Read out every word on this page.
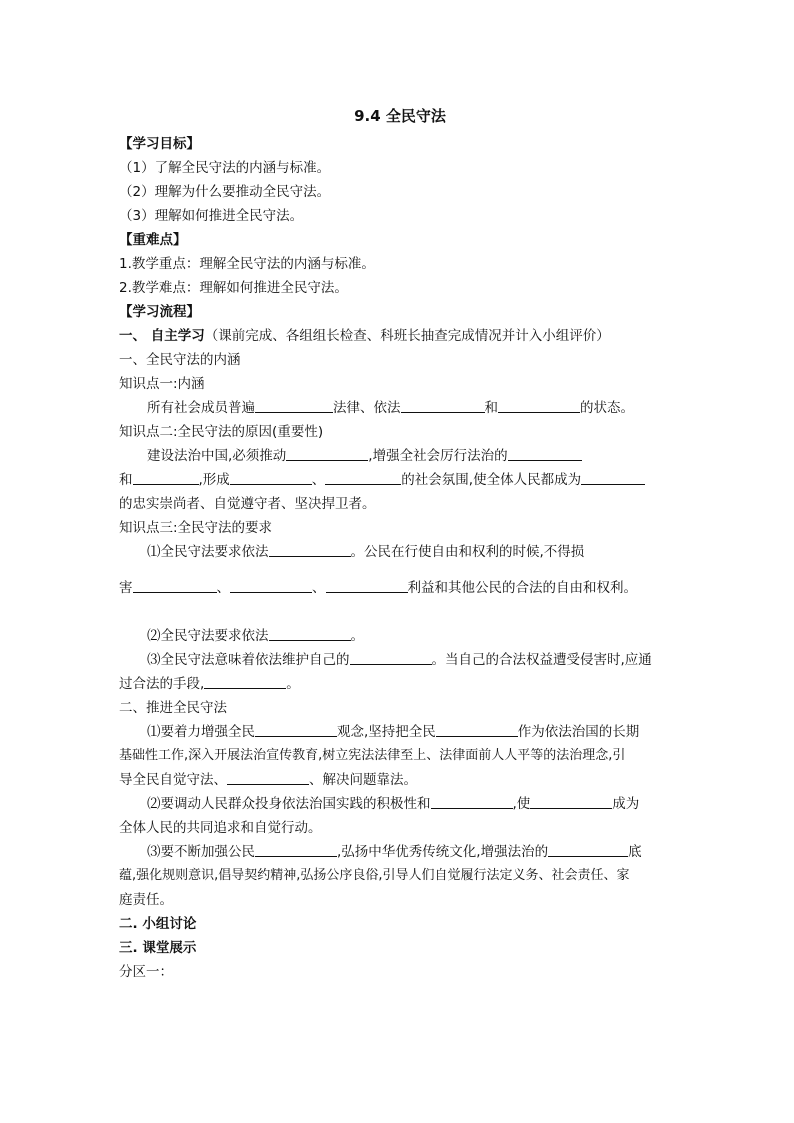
9.4 全民守法
【学习目标】
（1）了解全民守法的内涵与标准。
（2）理解为什么要推动全民守法。
（3）理解如何推进全民守法。
【重难点】
1.教学重点：理解全民守法的内涵与标准。
2.教学难点：理解如何推进全民守法。
【学习流程】
一、 自主学习（课前完成、各组组长检查、科班长抽查完成情况并计入小组评价）
一、全民守法的内涵
知识点一:内涵
所有社会成员普遍	法律、依法	和	的状态。
知识点二:全民守法的原因(重要性)
建设法治中国,必须推动	,增强全社会厉行法治的
和	,形成	、	的社会氛围,使全体人民都成为
的忠实崇尚者、自觉遵守者、坚决捍卫者。
知识点三:全民守法的要求
⑴全民守法要求依法	。公民在行使自由和权利的时候,不得损
害	、	、	利益和其他公民的合法的自由和权利。
⑵全民守法要求依法	。
⑶全民守法意味着依法维护自己的	。当自己的合法权益遭受侵害时,应通
过合法的手段,	。
二、推进全民守法
⑴要着力增强全民	观念,坚持把全民	作为依法治国的长期
基础性工作,深入开展法治宣传教育,树立宪法法律至上、法律面前人人平等的法治理念,引
导全民自觉守法、	、解决问题靠法。
⑵要调动人民群众投身依法治国实践的积极性和	,使	成为
全体人民的共同追求和自觉行动。
⑶要不断加强公民	,弘扬中华优秀传统文化,增强法治的	底
蕴,强化规则意识,倡导契约精神,弘扬公序良俗,引导人们自觉履行法定义务、社会责任、家
庭责任。
二. 小组讨论
三. 课堂展示
分区一：
